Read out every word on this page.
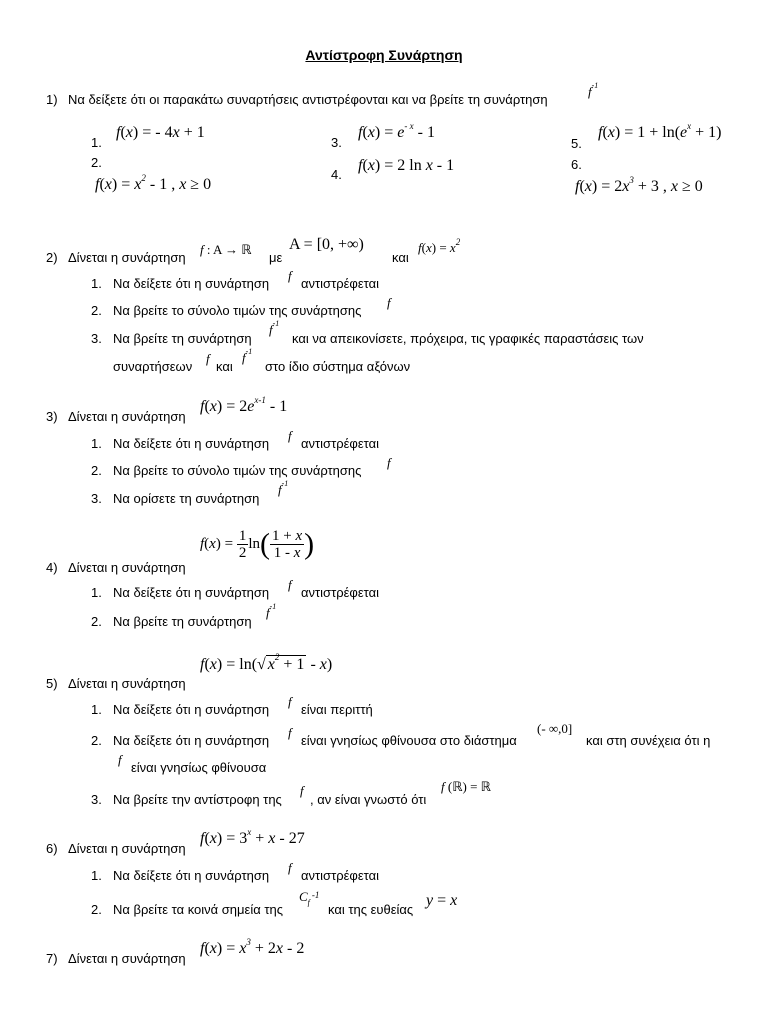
Αντίστροφη Συνάρτηση
1) Να δείξετε ότι οι παρακάτω συναρτήσεις αντιστρέφονται και να βρείτε τη συνάρτηση
$f^{-1}$
1.
f(x) = - 4x + 1
2.
$f(x) = x^2 - 1$ , x ≥ 0
3.
$f(x) = e^{- x} - 1$
4.
f(x) = 2 ln x - 1
5.
$f(x) = 1 + \ln(e^x + 1)$
6.
$f(x) = 2x^3 + 3$ , x ≥ 0
2) Δίνεται η συνάρτηση
f : A → ℝ
με
A = [0, +∞)
και
$f(x) = x^2$
1. Να δείξετε ότι η συνάρτηση
f
αντιστρέφεται
2. Να βρείτε το σύνολο τιμών της συνάρτησης
f
3. Να βρείτε τη συνάρτηση
$f^{-1}$
και να απεικονίσετε, πρόχειρα, τις γραφικές παραστάσεις των
συναρτήσεων
f
και
$f^{-1}$
στο ίδιο σύστημα αξόνων
3) Δίνεται η συνάρτηση
$f(x) = 2e^{x-1} - 1$
1. Να δείξετε ότι η συνάρτηση
f
αντιστρέφεται
2. Να βρείτε το σύνολο τιμών της συνάρτησης
f
3. Να ορίσετε τη συνάρτηση
$f^{-1}$
4) Δίνεται η συνάρτηση
$f(x) = \frac{1}{2} \ln( \frac{1 + x}{1 - x}$ )
1. Να δείξετε ότι η συνάρτηση
f
αντιστρέφεται
2. Να βρείτε τη συνάρτηση
$f^{-1}$
5) Δίνεται η συνάρτηση
f(x) = ln(√ $x^2 + 1 - x$)
1. Να δείξετε ότι η συνάρτηση
f
είναι περιττή
2. Να δείξετε ότι η συνάρτηση
f
είναι γνησίως φθίνουσα στο διάστημα
(- ∞,0]
και στη συνέχεια ότι η
f
είναι γνησίως φθίνουσα
3. Να βρείτε την αντίστροφη της
f
, αν είναι γνωστό ότι
f (ℝ) = ℝ
6) Δίνεται η συνάρτηση
$f(x) = 3^x + x - 27$
1. Να δείξετε ότι η συνάρτηση
f
αντιστρέφεται
2. Να βρείτε τα κοινά σημεία της
$C_{f ^{-1}}$
και της ευθείας
y = x
7) Δίνεται η συνάρτηση
$f(x) = x^3 + 2x - 2$
